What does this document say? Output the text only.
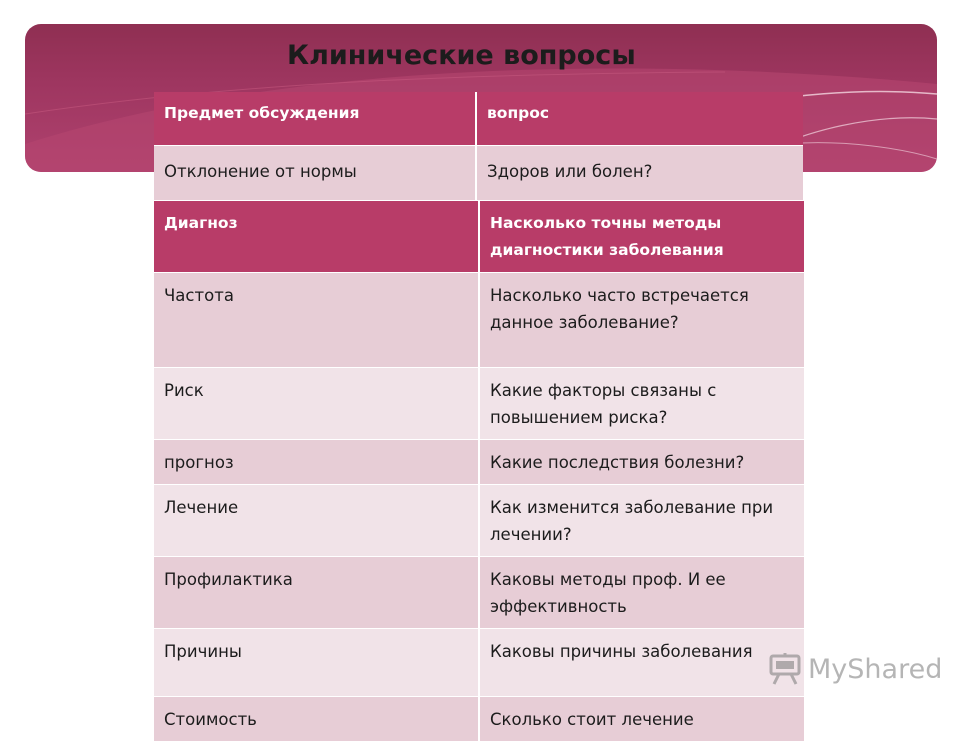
Клинические вопросы
Предмет обсуждения	вопрос
Отклонение от нормы	Здоров или болен?
Диагноз	Насколько точны методы диагностики заболевания
Частота	Насколько часто встречается данное заболевание?
Риск	Какие факторы связаны с повышением риска?
прогноз	Какие последствия болезни?
Лечение	Как изменится заболевание при лечении?
Профилактика	Каковы методы проф. И ее эффективность
Причины	Каковы причины заболевания
Стоимость	Сколько стоит лечение
MyShared
